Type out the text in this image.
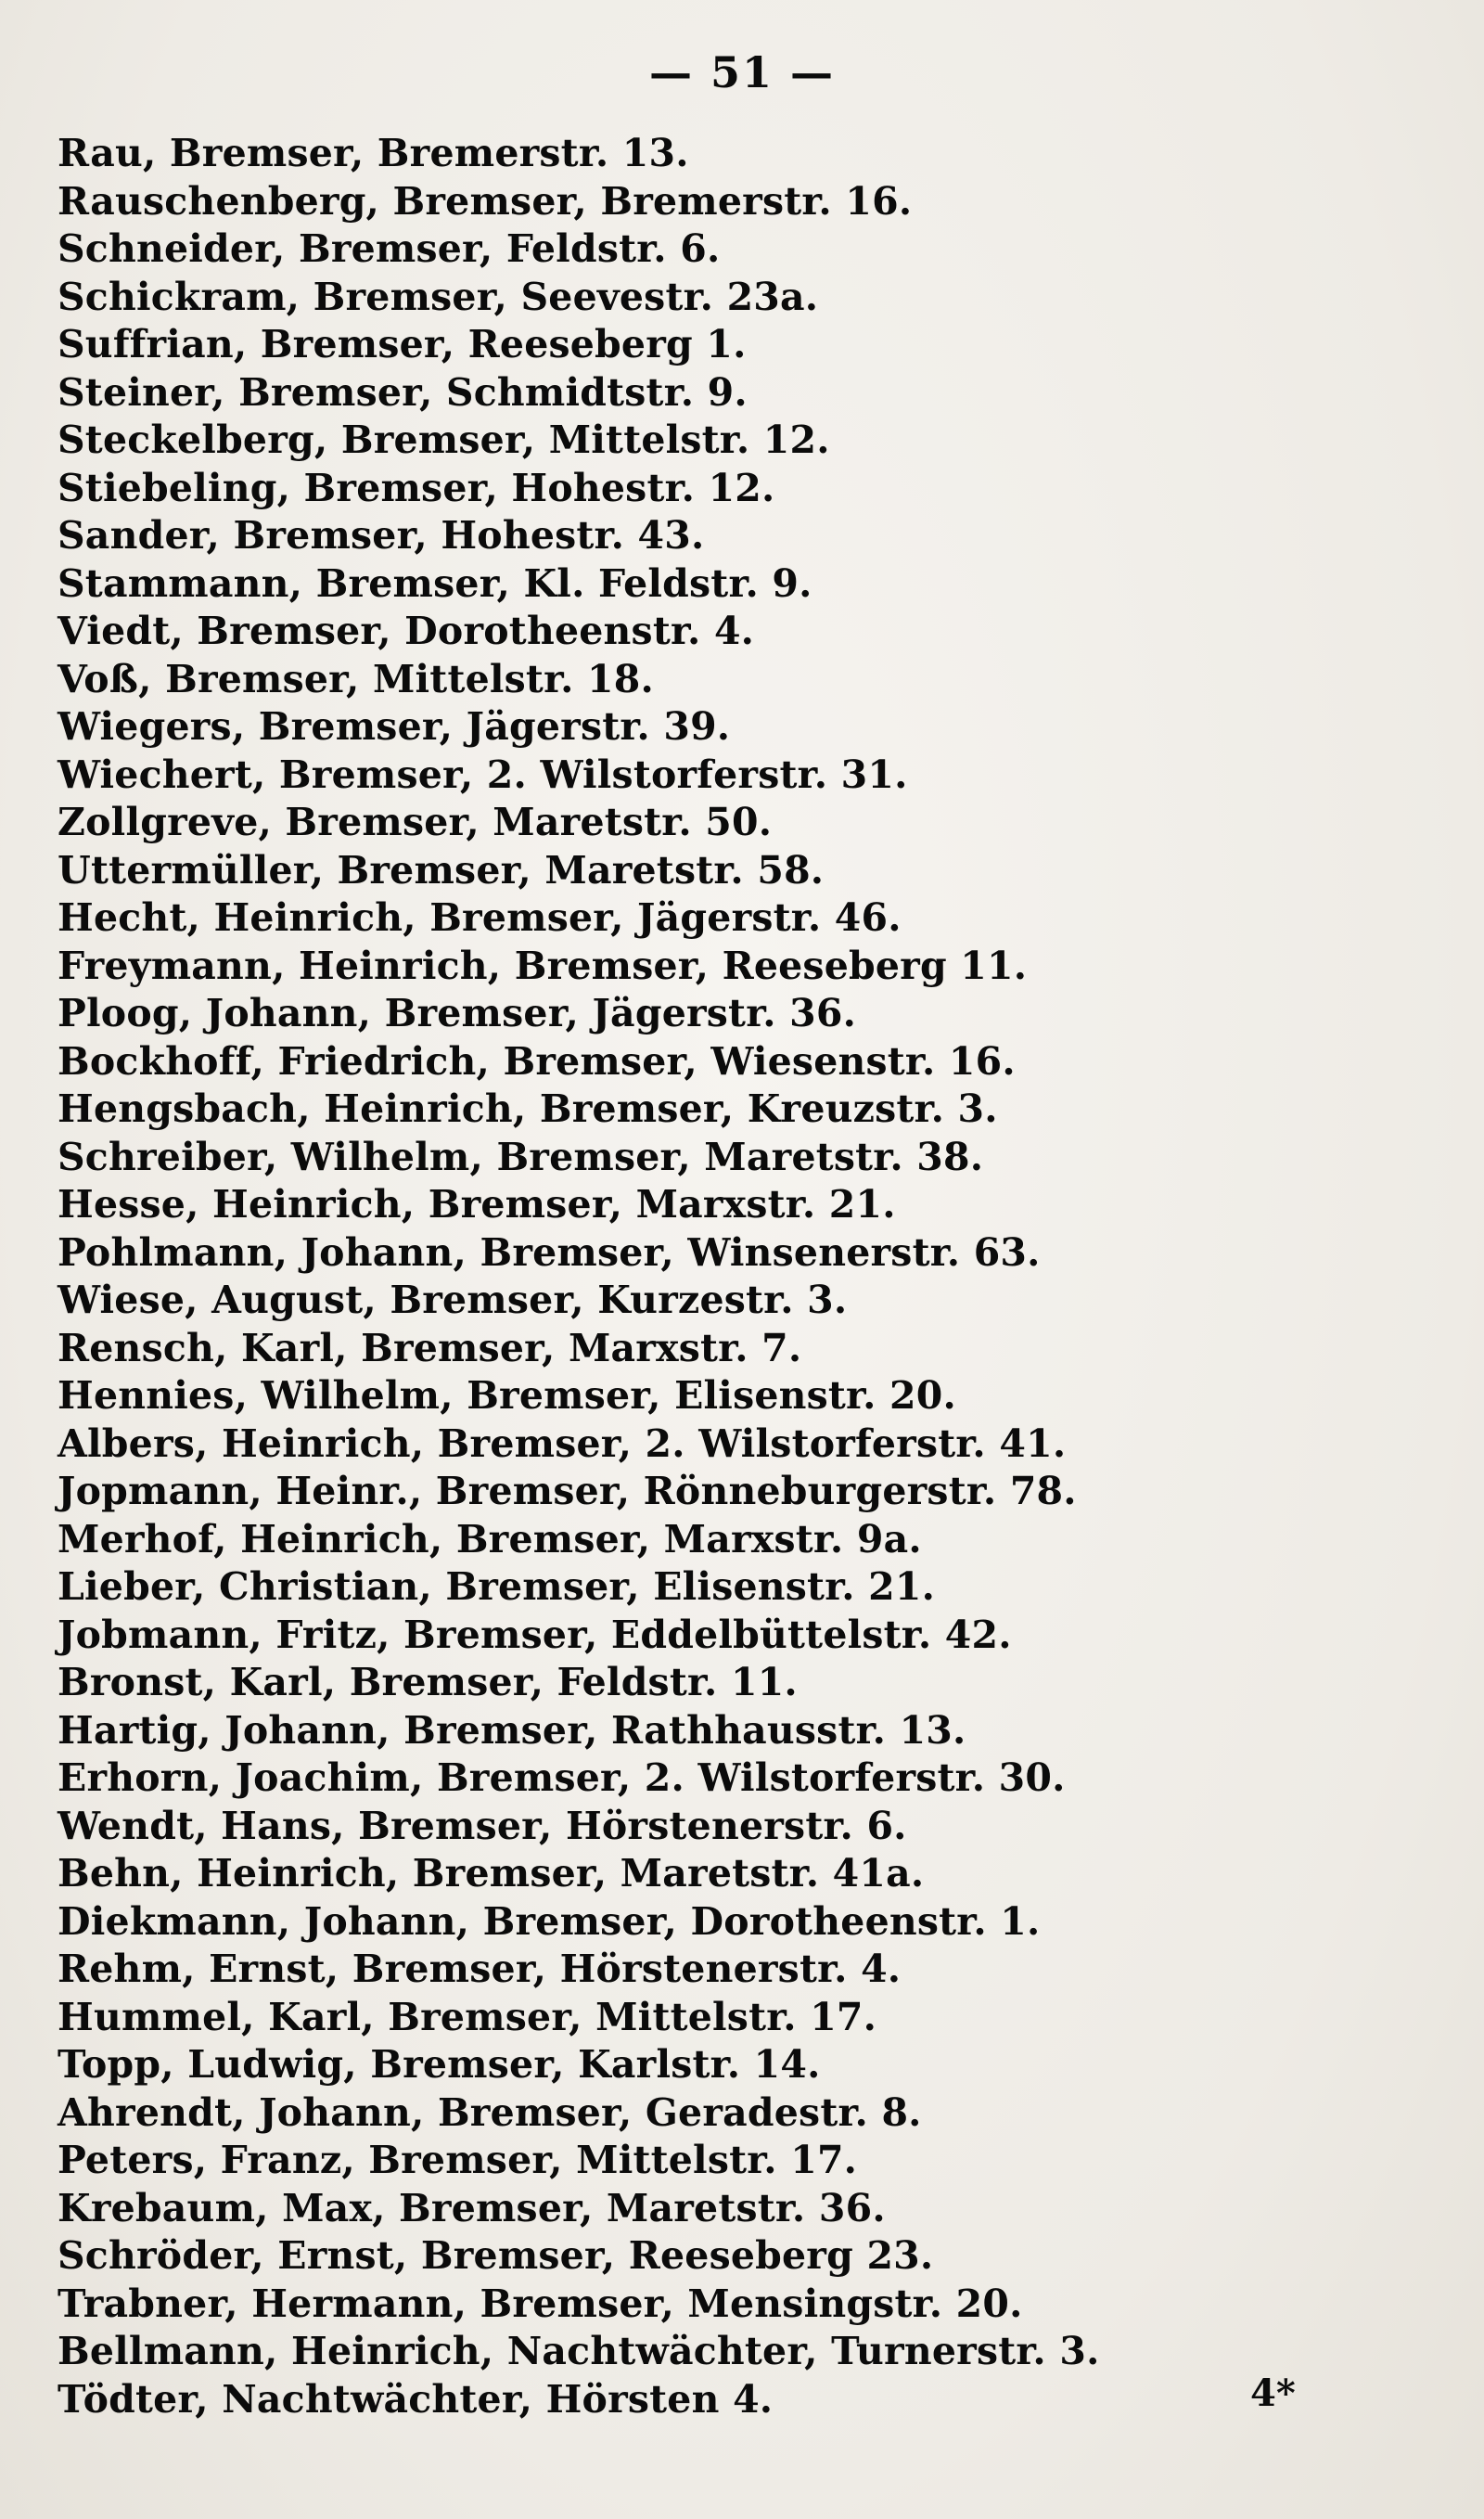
— 51 —
Rau, Bremser, Bremerstr. 13.
Rauschenberg, Bremser, Bremerstr. 16.
Schneider, Bremser, Feldstr. 6.
Schickram, Bremser, Seevestr. 23a.
Suffrian, Bremser, Reeseberg 1.
Steiner, Bremser, Schmidtstr. 9.
Steckelberg, Bremser, Mittelstr. 12.
Stiebeling, Bremser, Hohestr. 12.
Sander, Bremser, Hohestr. 43.
Stammann, Bremser, Kl. Feldstr. 9.
Viedt, Bremser, Dorotheenstr. 4.
Voß, Bremser, Mittelstr. 18.
Wiegers, Bremser, Jägerstr. 39.
Wiechert, Bremser, 2. Wilstorferstr. 31.
Zollgreve, Bremser, Maretstr. 50.
Uttermüller, Bremser, Maretstr. 58.
Hecht, Heinrich, Bremser, Jägerstr. 46.
Freymann, Heinrich, Bremser, Reeseberg 11.
Ploog, Johann, Bremser, Jägerstr. 36.
Bockhoff, Friedrich, Bremser, Wiesenstr. 16.
Hengsbach, Heinrich, Bremser, Kreuzstr. 3.
Schreiber, Wilhelm, Bremser, Maretstr. 38.
Hesse, Heinrich, Bremser, Marxstr. 21.
Pohlmann, Johann, Bremser, Winsenerstr. 63.
Wiese, August, Bremser, Kurzestr. 3.
Rensch, Karl, Bremser, Marxstr. 7.
Hennies, Wilhelm, Bremser, Elisenstr. 20.
Albers, Heinrich, Bremser, 2. Wilstorferstr. 41.
Jopmann, Heinr., Bremser, Rönneburgerstr. 78.
Merhof, Heinrich, Bremser, Marxstr. 9a.
Lieber, Christian, Bremser, Elisenstr. 21.
Jobmann, Fritz, Bremser, Eddelbüttelstr. 42.
Bronst, Karl, Bremser, Feldstr. 11.
Hartig, Johann, Bremser, Rathhausstr. 13.
Erhorn, Joachim, Bremser, 2. Wilstorferstr. 30.
Wendt, Hans, Bremser, Hörstenerstr. 6.
Behn, Heinrich, Bremser, Maretstr. 41a.
Diekmann, Johann, Bremser, Dorotheenstr. 1.
Rehm, Ernst, Bremser, Hörstenerstr. 4.
Hummel, Karl, Bremser, Mittelstr. 17.
Topp, Ludwig, Bremser, Karlstr. 14.
Ahrendt, Johann, Bremser, Geradestr. 8.
Peters, Franz, Bremser, Mittelstr. 17.
Krebaum, Max, Bremser, Maretstr. 36.
Schröder, Ernst, Bremser, Reeseberg 23.
Trabner, Hermann, Bremser, Mensingstr. 20.
Bellmann, Heinrich, Nachtwächter, Turnerstr. 3.
Tödter, Nachtwächter, Hörsten 4.	4*
